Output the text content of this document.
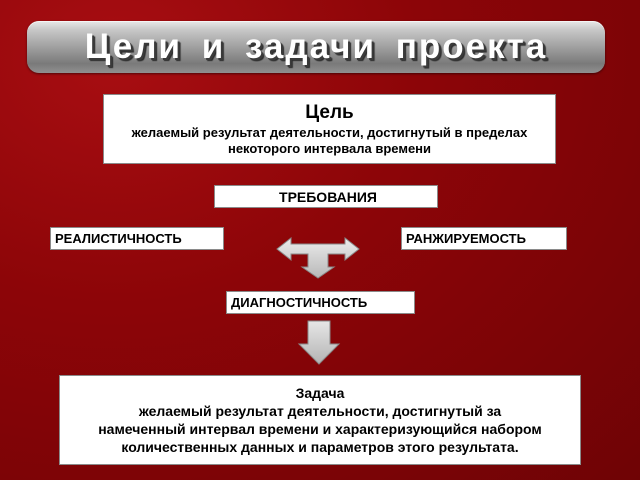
Цели и задачи проекта
Цель
желаемый результат деятельности, достигнутый в пределах
некоторого интервала времени
ТРЕБОВАНИЯ
РЕАЛИСТИЧНОСТЬ	РАНЖИРУЕМОСТЬ
ДИАГНОСТИЧНОСТЬ
Задача
желаемый результат деятельности, достигнутый за
намеченный интервал времени и характеризующийся набором
количественных данных и параметров этого результата.
